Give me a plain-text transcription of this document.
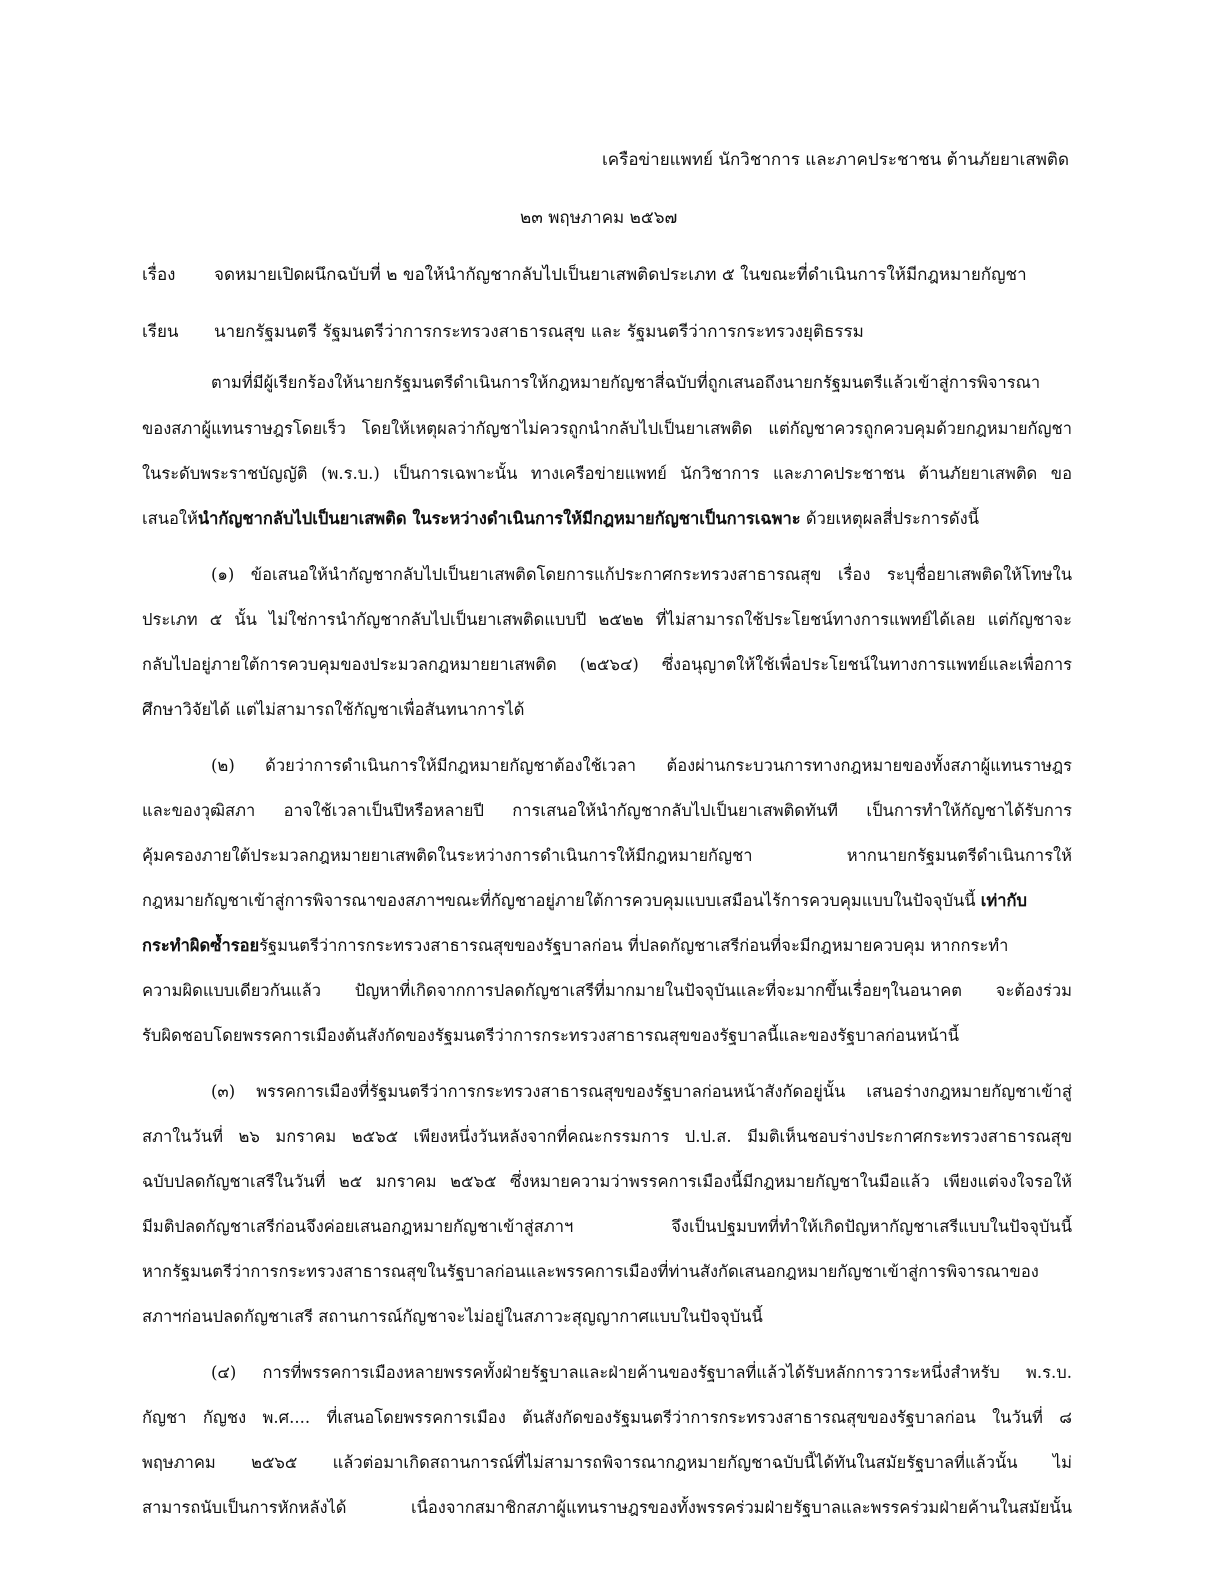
เครือข่ายแพทย์ นักวิชาการ และภาคประชาชน ต้านภัยยาเสพติด
๒๓ พฤษภาคม ๒๕๖๗
เรื่อง จดหมายเปิดผนึกฉบับที่ ๒ ขอให้นำกัญชากลับไปเป็นยาเสพติดประเภท ๕ ในขณะที่ดำเนินการให้มีกฎหมายกัญชา
เรียน นายกรัฐมนตรี รัฐมนตรีว่าการกระทรวงสาธารณสุข และ รัฐมนตรีว่าการกระทรวงยุติธรรม
ตามที่มีผู้เรียกร้องให้นายกรัฐมนตรีดำเนินการให้กฎหมายกัญชาสี่ฉบับที่ถูกเสนอถึงนายกรัฐมนตรีแล้วเข้าสู่การพิจารณา
ของสภาผู้แทนราษฎรโดยเร็ว โดยให้เหตุผลว่ากัญชาไม่ควรถูกนำกลับไปเป็นยาเสพติด แต่กัญชาควรถูกควบคุมด้วยกฎหมายกัญชา
ในระดับพระราชบัญญัติ (พ.ร.บ.) เป็นการเฉพาะนั้น ทางเครือข่ายแพทย์ นักวิชาการ และภาคประชาชน ต้านภัยยาเสพติด ขอ
เสนอให้นำกัญชากลับไปเป็นยาเสพติด ในระหว่างดำเนินการให้มีกฎหมายกัญชาเป็นการเฉพาะ ด้วยเหตุผลสี่ประการดังนี้
(๑) ข้อเสนอให้นำกัญชากลับไปเป็นยาเสพติดโดยการแก้ประกาศกระทรวงสาธารณสุข เรื่อง ระบุชื่อยาเสพติดให้โทษใน
ประเภท ๕ นั้น ไม่ใช่การนำกัญชากลับไปเป็นยาเสพติดแบบปี ๒๕๒๒ ที่ไม่สามารถใช้ประโยชน์ทางการแพทย์ได้เลย แต่กัญชาจะ
กลับไปอยู่ภายใต้การควบคุมของประมวลกฎหมายยาเสพติด (๒๕๖๔) ซึ่งอนุญาตให้ใช้เพื่อประโยชน์ในทางการแพทย์และเพื่อการ
ศึกษาวิจัยได้ แต่ไม่สามารถใช้กัญชาเพื่อสันทนาการได้
(๒) ด้วยว่าการดำเนินการให้มีกฎหมายกัญชาต้องใช้เวลา ต้องผ่านกระบวนการทางกฎหมายของทั้งสภาผู้แทนราษฎร
และของวุฒิสภา อาจใช้เวลาเป็นปีหรือหลายปี การเสนอให้นำกัญชากลับไปเป็นยาเสพติดทันที เป็นการทำให้กัญชาได้รับการ
คุ้มครองภายใต้ประมวลกฎหมายยาเสพติดในระหว่างการดำเนินการให้มีกฎหมายกัญชา หากนายกรัฐมนตรีดำเนินการให้
กฎหมายกัญชาเข้าสู่การพิจารณาของสภาฯขณะที่กัญชาอยู่ภายใต้การควบคุมแบบเสมือนไร้การควบคุมแบบในปัจจุบันนี้ เท่ากับ
กระทำผิดซ้ำรอยรัฐมนตรีว่าการกระทรวงสาธารณสุขของรัฐบาลก่อน ที่ปลดกัญชาเสรีก่อนที่จะมีกฎหมายควบคุม หากกระทำ
ความผิดแบบเดียวกันแล้ว ปัญหาที่เกิดจากการปลดกัญชาเสรีที่มากมายในปัจจุบันและที่จะมากขึ้นเรื่อยๆในอนาคต จะต้องร่วม
รับผิดชอบโดยพรรคการเมืองต้นสังกัดของรัฐมนตรีว่าการกระทรวงสาธารณสุขของรัฐบาลนี้และของรัฐบาลก่อนหน้านี้
(๓) พรรคการเมืองที่รัฐมนตรีว่าการกระทรวงสาธารณสุขของรัฐบาลก่อนหน้าสังกัดอยู่นั้น เสนอร่างกฎหมายกัญชาเข้าสู่
สภาในวันที่ ๒๖ มกราคม ๒๕๖๕ เพียงหนึ่งวันหลังจากที่คณะกรรมการ ป.ป.ส. มีมติเห็นชอบร่างประกาศกระทรวงสาธารณสุข
ฉบับปลดกัญชาเสรีในวันที่ ๒๕ มกราคม ๒๕๖๕ ซึ่งหมายความว่าพรรคการเมืองนี้มีกฎหมายกัญชาในมือแล้ว เพียงแต่จงใจรอให้
มีมติปลดกัญชาเสรีก่อนจึงค่อยเสนอกฎหมายกัญชาเข้าสู่สภาฯ จึงเป็นปฐมบทที่ทำให้เกิดปัญหากัญชาเสรีแบบในปัจจุบันนี้
หากรัฐมนตรีว่าการกระทรวงสาธารณสุขในรัฐบาลก่อนและพรรคการเมืองที่ท่านสังกัดเสนอกฎหมายกัญชาเข้าสู่การพิจารณาของ
สภาฯก่อนปลดกัญชาเสรี สถานการณ์กัญชาจะไม่อยู่ในสภาวะสุญญากาศแบบในปัจจุบันนี้
(๔) การที่พรรคการเมืองหลายพรรคทั้งฝ่ายรัฐบาลและฝ่ายค้านของรัฐบาลที่แล้วได้รับหลักการวาระหนึ่งสำหรับ พ.ร.บ.
กัญชา กัญชง พ.ศ.... ที่เสนอโดยพรรคการเมือง ต้นสังกัดของรัฐมนตรีว่าการกระทรวงสาธารณสุขของรัฐบาลก่อน ในวันที่ ๘
พฤษภาคม ๒๕๖๕ แล้วต่อมาเกิดสถานการณ์ที่ไม่สามารถพิจารณากฎหมายกัญชาฉบับนี้ได้ทันในสมัยรัฐบาลที่แล้วนั้น ไม่
สามารถนับเป็นการหักหลังได้ เนื่องจากสมาชิกสภาผู้แทนราษฎรของทั้งพรรคร่วมฝ่ายรัฐบาลและพรรคร่วมฝ่ายค้านในสมัยนั้น
